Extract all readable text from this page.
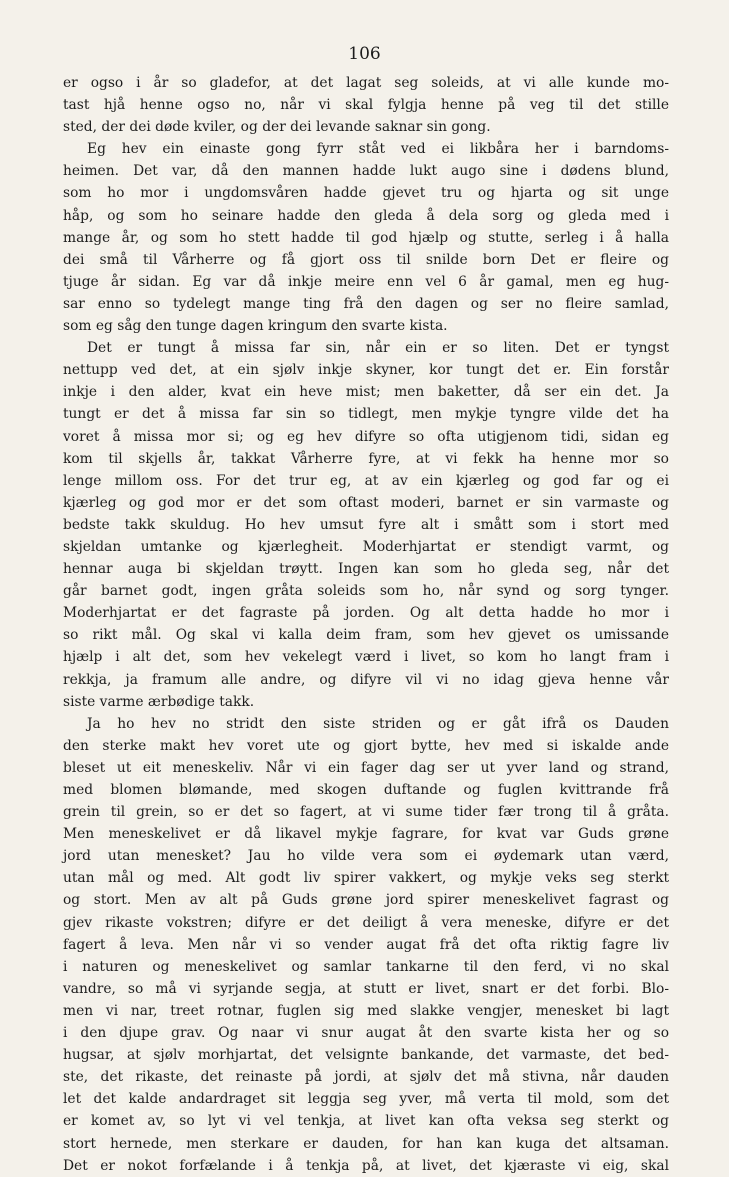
106
er ogso i år so gladefor, at det lagat seg soleids, at vi alle kunde mo-
tast hjå henne ogso no, når vi skal fylgja henne på veg til det stille
sted, der dei døde kviler, og der dei levande saknar sin gong.
Eg hev ein einaste gong fyrr ståt ved ei likbåra her i barndoms-
heimen. Det var, då den mannen hadde lukt augo sine i dødens blund,
som ho mor i ungdomsvåren hadde gjevet tru og hjarta og sit unge
håp, og som ho seinare hadde den gleda å dela sorg og gleda med i
mange år, og som ho stett hadde til god hjælp og stutte, serleg i å halla
dei små til Vårherre og få gjort oss til snilde born Det er fleire og
tjuge år sidan. Eg var då inkje meire enn vel 6 år gamal, men eg hug-
sar enno so tydelegt mange ting frå den dagen og ser no fleire samlad,
som eg såg den tunge dagen kringum den svarte kista.
Det er tungt å missa far sin, når ein er so liten. Det er tyngst
nettupp ved det, at ein sjølv inkje skyner, kor tungt det er. Ein forstår
inkje i den alder, kvat ein heve mist; men baketter, då ser ein det. Ja
tungt er det å missa far sin so tidlegt, men mykje tyngre vilde det ha
voret å missa mor si; og eg hev difyre so ofta utigjenom tidi, sidan eg
kom til skjells år, takkat Vårherre fyre, at vi fekk ha henne mor so
lenge millom oss. For det trur eg, at av ein kjærleg og god far og ei
kjærleg og god mor er det som oftast moderi, barnet er sin varmaste og
bedste takk skuldug. Ho hev umsut fyre alt i smått som i stort med
skjeldan umtanke og kjærlegheit. Moderhjartat er stendigt varmt, og
hennar auga bi skjeldan trøytt. Ingen kan som ho gleda seg, når det
går barnet godt, ingen gråta soleids som ho, når synd og sorg tynger.
Moderhjartat er det fagraste på jorden. Og alt detta hadde ho mor i
so rikt mål. Og skal vi kalla deim fram, som hev gjevet os umissande
hjælp i alt det, som hev vekelegt værd i livet, so kom ho langt fram i
rekkja, ja framum alle andre, og difyre vil vi no idag gjeva henne vår
siste varme ærbødige takk.
Ja ho hev no stridt den siste striden og er gåt ifrå os Dauden
den sterke makt hev voret ute og gjort bytte, hev med si iskalde ande
bleset ut eit meneskeliv. Når vi ein fager dag ser ut yver land og strand,
med blomen blømande, med skogen duftande og fuglen kvittrande frå
grein til grein, so er det so fagert, at vi sume tider fær trong til å gråta.
Men meneskelivet er då likavel mykje fagrare, for kvat var Guds grøne
jord utan menesket? Jau ho vilde vera som ei øydemark utan værd,
utan mål og med. Alt godt liv spirer vakkert, og mykje veks seg sterkt
og stort. Men av alt på Guds grøne jord spirer meneskelivet fagrast og
gjev rikaste vokstren; difyre er det deiligt å vera meneske, difyre er det
fagert å leva. Men når vi so vender augat frå det ofta riktig fagre liv
i naturen og meneskelivet og samlar tankarne til den ferd, vi no skal
vandre, so må vi syrjande segja, at stutt er livet, snart er det forbi. Blo-
men vi nar, treet rotnar, fuglen sig med slakke vengjer, menesket bi lagt
i den djupe grav. Og naar vi snur augat åt den svarte kista her og so
hugsar, at sjølv morhjartat, det velsignte bankande, det varmaste, det bed-
ste, det rikaste, det reinaste på jordi, at sjølv det må stivna, når dauden
let det kalde andardraget sit leggja seg yver, må verta til mold, som det
er komet av, so lyt vi vel tenkja, at livet kan ofta veksa seg sterkt og
stort hernede, men sterkare er dauden, for han kan kuga det altsaman.
Det er nokot forfælande i å tenkja på, at livet, det kjæraste vi eig, skal
